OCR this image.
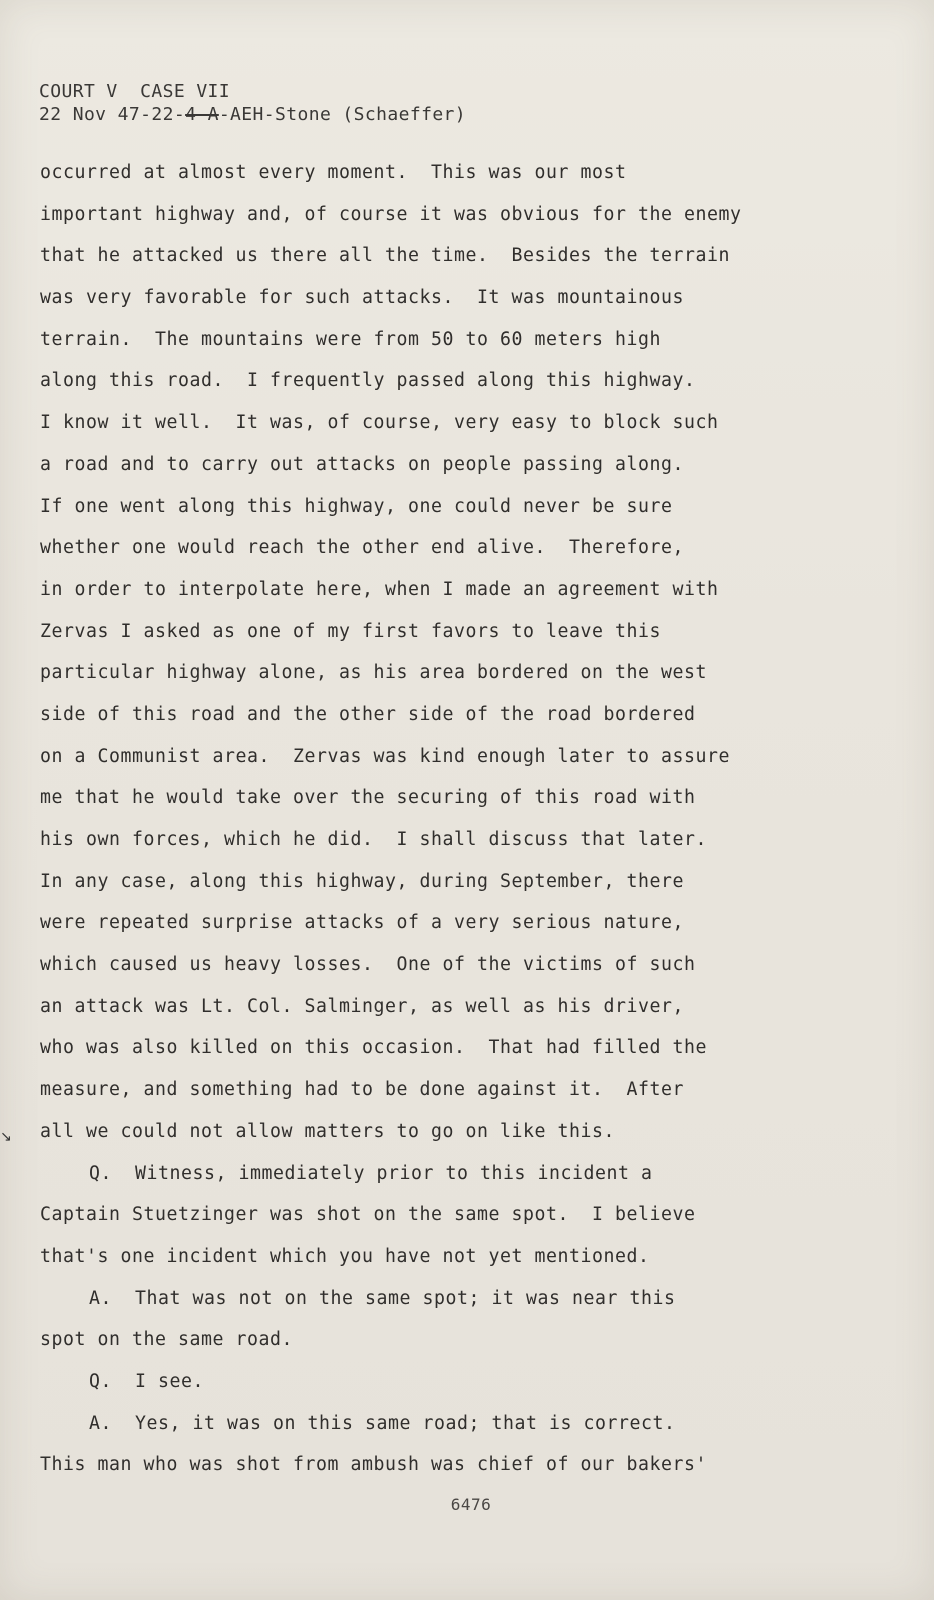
COURT V  CASE VII
22 Nov 47-22-4-A-AEH-Stone (Schaeffer)
occurred at almost every moment.  This was our most
important highway and, of course it was obvious for the enemy
that he attacked us there all the time.  Besides the terrain
was very favorable for such attacks.  It was mountainous
terrain.  The mountains were from 50 to 60 meters high
along this road.  I frequently passed along this highway.
I know it well.  It was, of course, very easy to block such
a road and to carry out attacks on people passing along.
If one went along this highway, one could never be sure
whether one would reach the other end alive.  Therefore,
in order to interpolate here, when I made an agreement with
Zervas I asked as one of my first favors to leave this
particular highway alone, as his area bordered on the west
side of this road and the other side of the road bordered
on a Communist area.  Zervas was kind enough later to assure
me that he would take over the securing of this road with
his own forces, which he did.  I shall discuss that later.
In any case, along this highway, during September, there
were repeated surprise attacks of a very serious nature,
which caused us heavy losses.  One of the victims of such
an attack was Lt. Col. Salminger, as well as his driver,
who was also killed on this occasion.  That had filled the
measure, and something had to be done against it.  After
all we could not allow matters to go on like this.
Q.  Witness, immediately prior to this incident a
Captain Stuetzinger was shot on the same spot.  I believe
that's one incident which you have not yet mentioned.
A.  That was not on the same spot; it was near this
spot on the same road.
Q.  I see.
A.  Yes, it was on this same road; that is correct.
This man who was shot from ambush was chief of our bakers'
6476
↘
